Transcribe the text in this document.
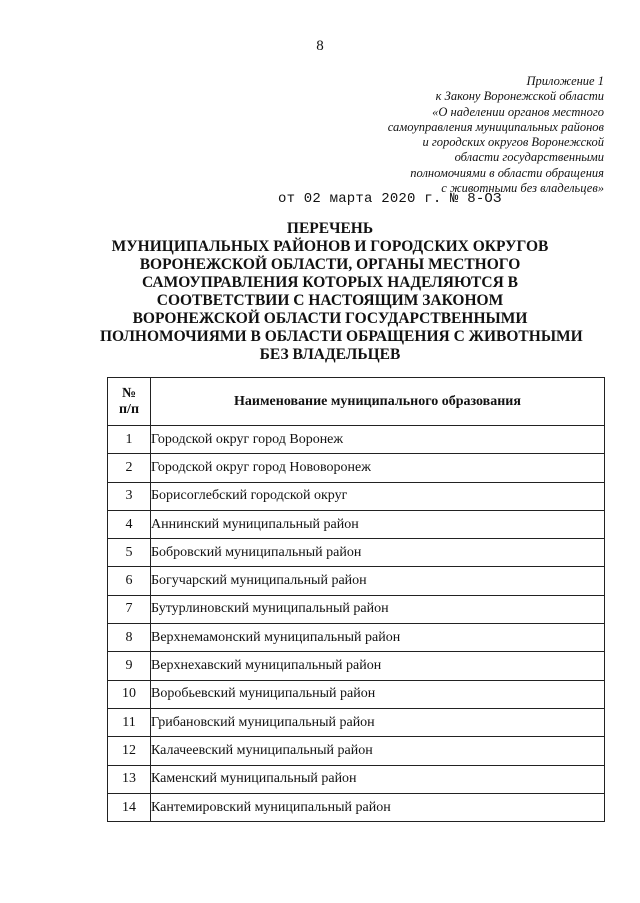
8
Приложение 1
к Закону Воронежской области
«О наделении органов местного
самоуправления муниципальных районов
и городских округов Воронежской
области государственными
полномочиями в области обращения
с животными без владельцев»
от 02 марта 2020 г. № 8-ОЗ
ПЕРЕЧЕНЬ
МУНИЦИПАЛЬНЫХ РАЙОНОВ И ГОРОДСКИХ ОКРУГОВ
ВОРОНЕЖСКОЙ ОБЛАСТИ, ОРГАНЫ МЕСТНОГО
САМОУПРАВЛЕНИЯ КОТОРЫХ НАДЕЛЯЮТСЯ В
СООТВЕТСТВИИ С НАСТОЯЩИМ ЗАКОНОМ
ВОРОНЕЖСКОЙ ОБЛАСТИ ГОСУДАРСТВЕННЫМИ
ПОЛНОМОЧИЯМИ В ОБЛАСТИ ОБРАЩЕНИЯ С ЖИВОТНЫМИ
БЕЗ ВЛАДЕЛЬЦЕВ
№
п/п	Наименование муниципального образования
1	Городской округ город Воронеж
2	Городской округ город Нововоронеж
3	Борисоглебский городской округ
4	Аннинский муниципальный район
5	Бобровский муниципальный район
6	Богучарский муниципальный район
7	Бутурлиновский муниципальный район
8	Верхнемамонский муниципальный район
9	Верхнехавский муниципальный район
10	Воробьевский муниципальный район
11	Грибановский муниципальный район
12	Калачеевский муниципальный район
13	Каменский муниципальный район
14	Кантемировский муниципальный район
